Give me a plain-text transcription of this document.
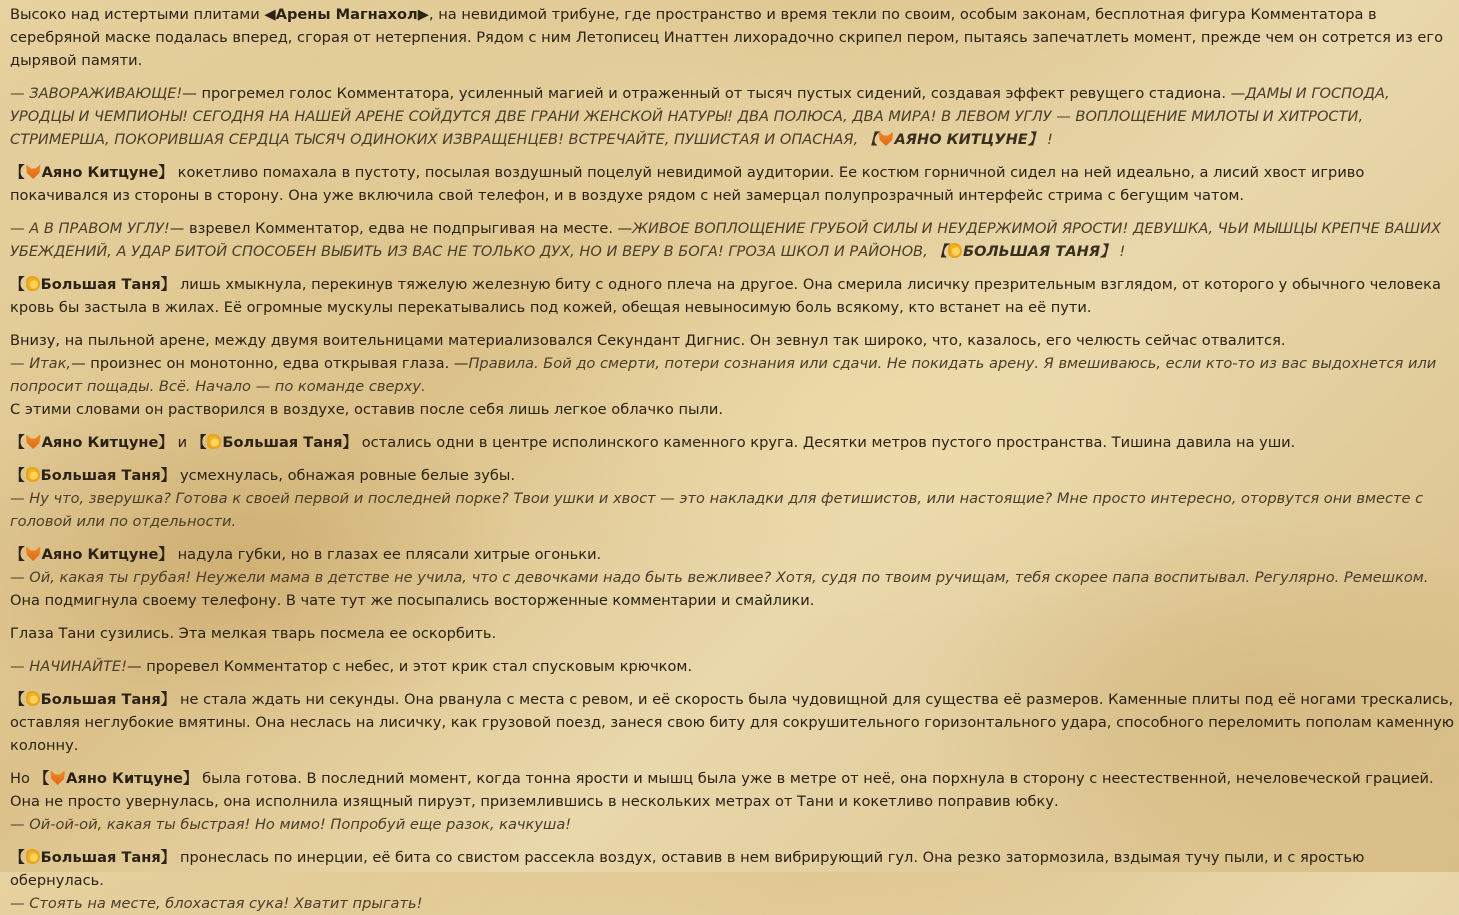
Высоко над истертыми плитами ◀Арены Магнахол▶, на невидимой трибуне, где пространство и время текли по своим, особым законам, бесплотная фигура Комментатора в серебряной маске подалась вперед, сгорая от нетерпения. Рядом с ним Летописец Инаттен лихорадочно скрипел пером, пытаясь запечатлеть момент, прежде чем он сотрется из его дырявой памяти.

— ЗАВОРАЖИВАЮЩЕ!— прогремел голос Комментатора, усиленный магией и отраженный от тысяч пустых сидений, создавая эффект ревущего стадиона. —ДАМЫ И ГОСПОДА, УРОДЦЫ И ЧЕМПИОНЫ! СЕГОДНЯ НА НАШЕЙ АРЕНЕ СОЙДУТСЯ ДВЕ ГРАНИ ЖЕНСКОЙ НАТУРЫ! ДВА ПОЛЮСА, ДВА МИРА! В ЛЕВОМ УГЛУ — ВОПЛОЩЕНИЕ МИЛОТЫ И ХИТРОСТИ, СТРИМЕРША, ПОКОРИВШАЯ СЕРДЦА ТЫСЯЧ ОДИНОКИХ ИЗВРАЩЕНЦЕВ! ВСТРЕЧАЙТЕ, ПУШИСТАЯ И ОПАСНАЯ, 【 АЯНО КИТЦУНЕ】 !

【 Аяно Китцуне】 кокетливо помахала в пустоту, посылая воздушный поцелуй невидимой аудитории. Ее костюм горничной сидел на ней идеально, а лисий хвост игриво покачивался из стороны в сторону. Она уже включила свой телефон, и в воздухе рядом с ней замерцал полупрозрачный интерфейс стрима с бегущим чатом.

— А В ПРАВОМ УГЛУ!— взревел Комментатор, едва не подпрыгивая на месте. —ЖИВОЕ ВОПЛОЩЕНИЕ ГРУБОЙ СИЛЫ И НЕУДЕРЖИМОЙ ЯРОСТИ! ДЕВУШКА, ЧЬИ МЫШЦЫ КРЕПЧЕ ВАШИХ УБЕЖДЕНИЙ, А УДАР БИТОЙ СПОСОБЕН ВЫБИТЬ ИЗ ВАС НЕ ТОЛЬКО ДУХ, НО И ВЕРУ В БОГА! ГРОЗА ШКОЛ И РАЙОНОВ, 【 БОЛЬШАЯ ТАНЯ】 !

【 Большая Таня】 лишь хмыкнула, перекинув тяжелую железную биту с одного плеча на другое. Она смерила лисичку презрительным взглядом, от которого у обычного человека кровь бы застыла в жилах. Её огромные мускулы перекатывались под кожей, обещая невыносимую боль всякому, кто встанет на её пути.

Внизу, на пыльной арене, между двумя воительницами материализовался Секундант Дигнис. Он зевнул так широко, что, казалось, его челюсть сейчас отвалится.
— Итак,— произнес он монотонно, едва открывая глаза. —Правила. Бой до смерти, потери сознания или сдачи. Не покидать арену. Я вмешиваюсь, если кто-то из вас выдохнется или попросит пощады. Всё. Начало — по команде сверху.
С этими словами он растворился в воздухе, оставив после себя лишь легкое облачко пыли.

【 Аяно Китцуне】 и 【 Большая Таня】 остались одни в центре исполинского каменного круга. Десятки метров пустого пространства. Тишина давила на уши.

【 Большая Таня】 усмехнулась, обнажая ровные белые зубы.
— Ну что, зверушка? Готова к своей первой и последней порке? Твои ушки и хвост — это накладки для фетишистов, или настоящие? Мне просто интересно, оторвутся они вместе с головой или по отдельности.

【 Аяно Китцуне】 надула губки, но в глазах ее плясали хитрые огоньки.
— Ой, какая ты грубая! Неужели мама в детстве не учила, что с девочками надо быть вежливее? Хотя, судя по твоим ручищам, тебя скорее папа воспитывал. Регулярно. Ремешком.
Она подмигнула своему телефону. В чате тут же посыпались восторженные комментарии и смайлики.

Глаза Тани сузились. Эта мелкая тварь посмела ее оскорбить.

— НАЧИНАЙТЕ!— проревел Комментатор с небес, и этот крик стал спусковым крючком.

【 Большая Таня】 не стала ждать ни секунды. Она рванула с места с ревом, и её скорость была чудовищной для существа её размеров. Каменные плиты под её ногами трескались, оставляя неглубокие вмятины. Она неслась на лисичку, как грузовой поезд, занеся свою биту для сокрушительного горизонтального удара, способного переломить пополам каменную колонну.

Но 【 Аяно Китцуне】 была готова. В последний момент, когда тонна ярости и мышц была уже в метре от неё, она порхнула в сторону с неестественной, нечеловеческой грацией. Она не просто увернулась, она исполнила изящный пируэт, приземлившись в нескольких метрах от Тани и кокетливо поправив юбку.
— Ой-ой-ой, какая ты быстрая! Но мимо! Попробуй еще разок, качкуша!

【 Большая Таня】 пронеслась по инерции, её бита со свистом рассекла воздух, оставив в нем вибрирующий гул. Она резко затормозила, вздымая тучу пыли, и с яростью обернулась.
— Стоять на месте, блохастая сука! Хватит прыгать!
